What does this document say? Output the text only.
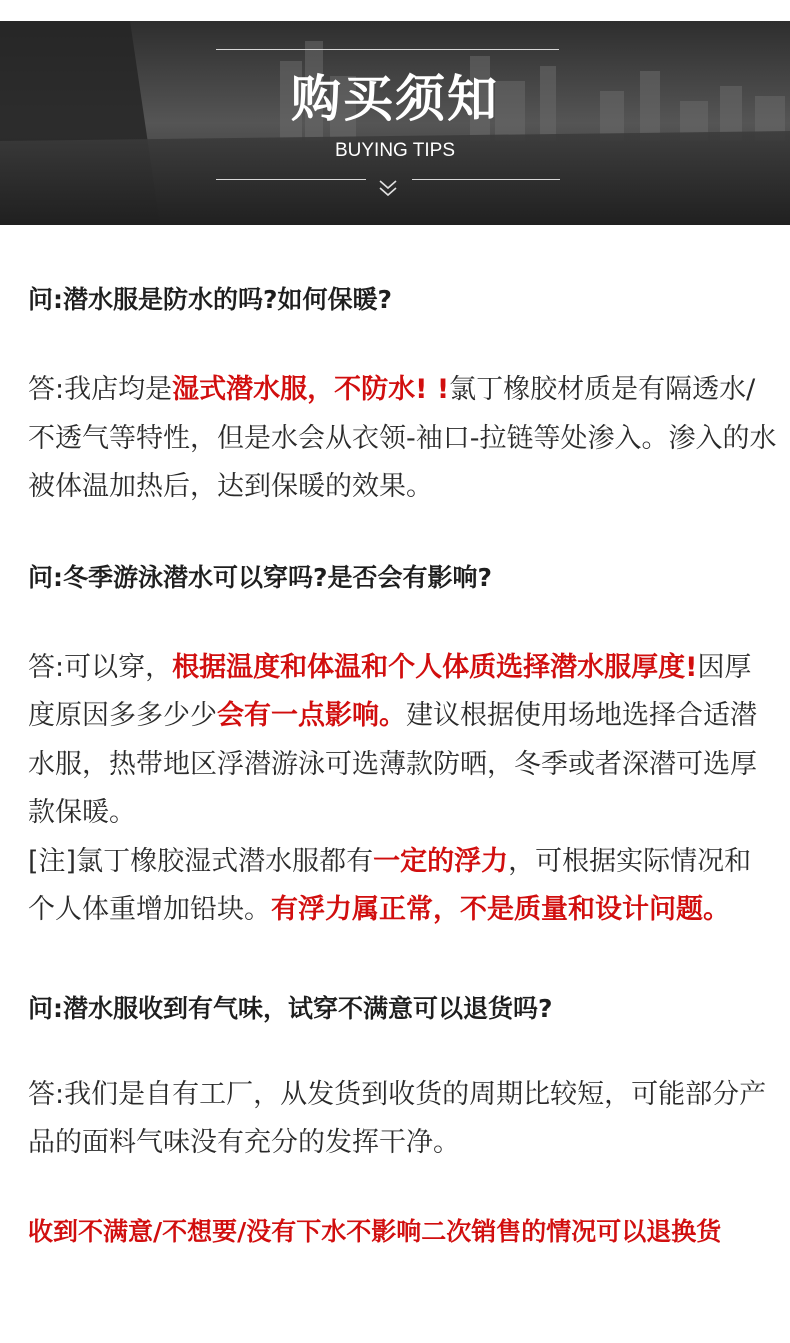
购买须知
BUYING TIPS
问:潜水服是防水的吗?如何保暖?
答:我店均是湿式潜水服，不防水! !氯丁橡胶材质是有隔透水/不透气等特性，但是水会从衣领-袖口-拉链等处渗入。渗入的水被体温加热后，达到保暖的效果。
问:冬季游泳潜水可以穿吗?是否会有影响?
答:可以穿，根据温度和体温和个人体质选择潜水服厚度!因厚度原因多多少少会有一点影响。建议根据使用场地选择合适潜水服，热带地区浮潜游泳可选薄款防晒，冬季或者深潜可选厚款保暖。
[注]氯丁橡胶湿式潜水服都有一定的浮力，可根据实际情况和个人体重增加铅块。有浮力属正常，不是质量和设计问题。
问:潜水服收到有气味，试穿不满意可以退货吗?
答:我们是自有工厂，从发货到收货的周期比较短，可能部分产品的面料气味没有充分的发挥干净。
收到不满意/不想要/没有下水不影响二次销售的情况可以退换货
